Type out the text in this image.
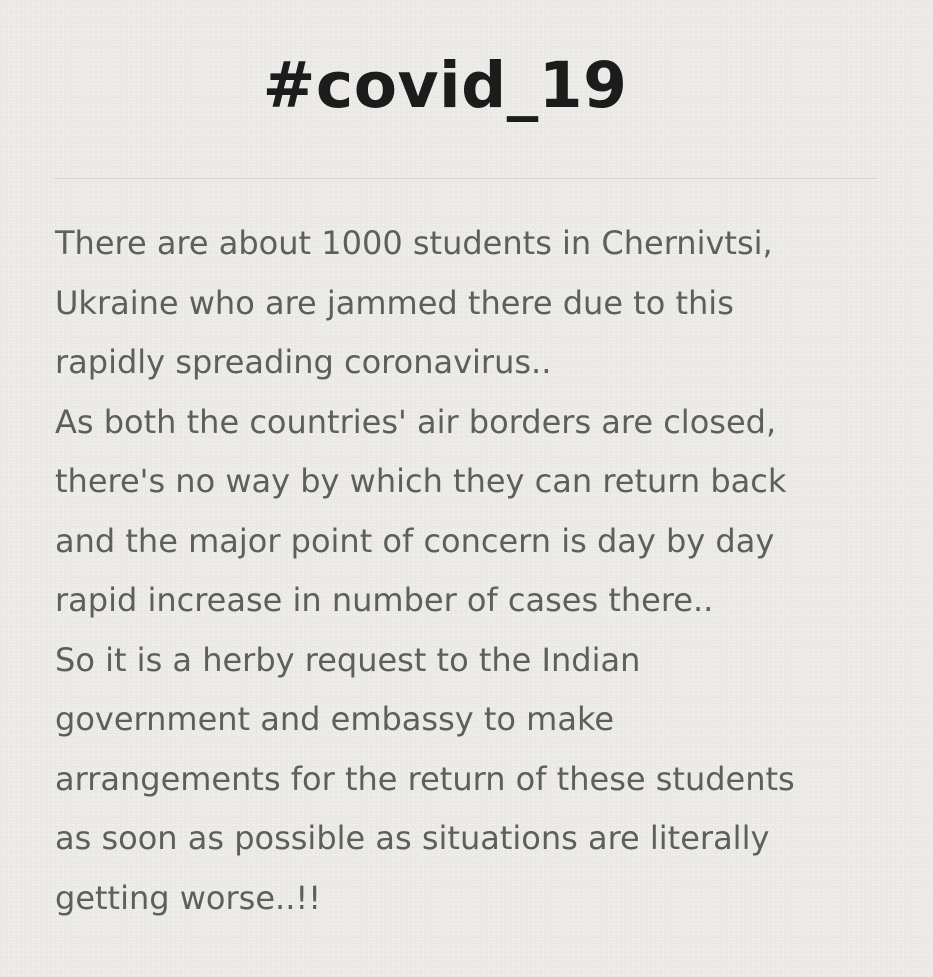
#covid_19
There are about 1000 students in Chernivtsi,
Ukraine who are jammed there due to this
rapidly spreading coronavirus..
As both the countries' air borders are closed,
there's no way by which they can return back
and the major point of concern is day by day
rapid increase in number of cases there..
So it is a herby request to the Indian
government and embassy to make
arrangements for the return of these students
as soon as possible as situations are literally
getting worse..!!
